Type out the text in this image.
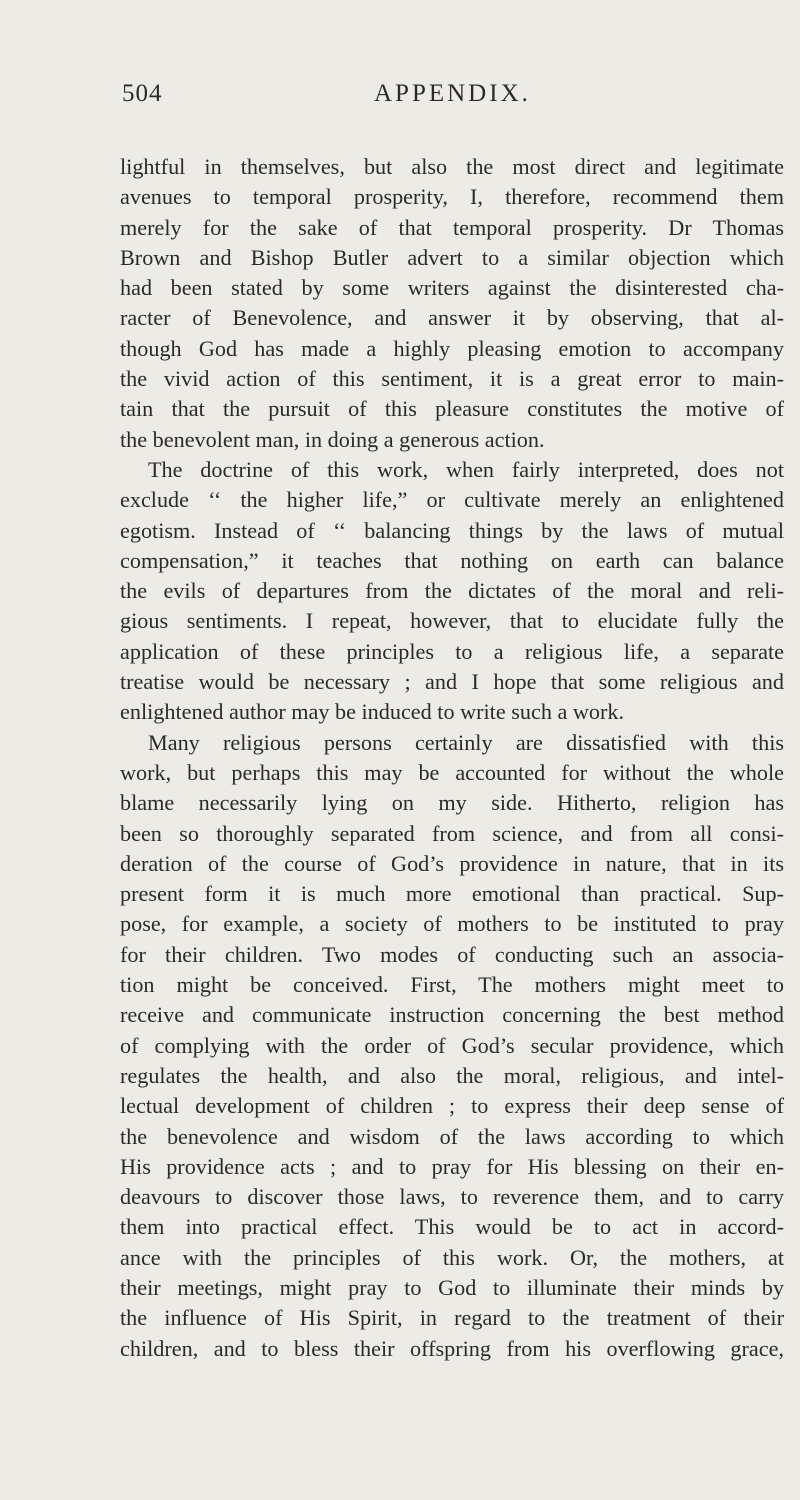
504	APPENDIX.
lightful in themselves, but also the most direct and legitimate
avenues to temporal prosperity, I, therefore, recommend them
merely for the sake of that temporal prosperity. Dr Thomas
Brown and Bishop Butler advert to a similar objection which
had been stated by some writers against the disinterested cha-
racter of Benevolence, and answer it by observing, that al-
though God has made a highly pleasing emotion to accompany
the vivid action of this sentiment, it is a great error to main-
tain that the pursuit of this pleasure constitutes the motive of
the benevolent man, in doing a generous action.
The doctrine of this work, when fairly interpreted, does not
exclude ‘‘ the higher life,” or cultivate merely an enlightened
egotism. Instead of ‘‘ balancing things by the laws of mutual
compensation,” it teaches that nothing on earth can balance
the evils of departures from the dictates of the moral and reli-
gious sentiments. I repeat, however, that to elucidate fully the
application of these principles to a religious life, a separate
treatise would be necessary ; and I hope that some religious and
enlightened author may be induced to write such a work.
Many religious persons certainly are dissatisfied with this
work, but perhaps this may be accounted for without the whole
blame necessarily lying on my side. Hitherto, religion has
been so thoroughly separated from science, and from all consi-
deration of the course of God’s providence in nature, that in its
present form it is much more emotional than practical. Sup-
pose, for example, a society of mothers to be instituted to pray
for their children. Two modes of conducting such an associa-
tion might be conceived. First, The mothers might meet to
receive and communicate instruction concerning the best method
of complying with the order of God’s secular providence, which
regulates the health, and also the moral, religious, and intel-
lectual development of children ; to express their deep sense of
the benevolence and wisdom of the laws according to which
His providence acts ; and to pray for His blessing on their en-
deavours to discover those laws, to reverence them, and to carry
them into practical effect. This would be to act in accord-
ance with the principles of this work. Or, the mothers, at
their meetings, might pray to God to illuminate their minds by
the influence of His Spirit, in regard to the treatment of their
children, and to bless their offspring from his overflowing grace,
